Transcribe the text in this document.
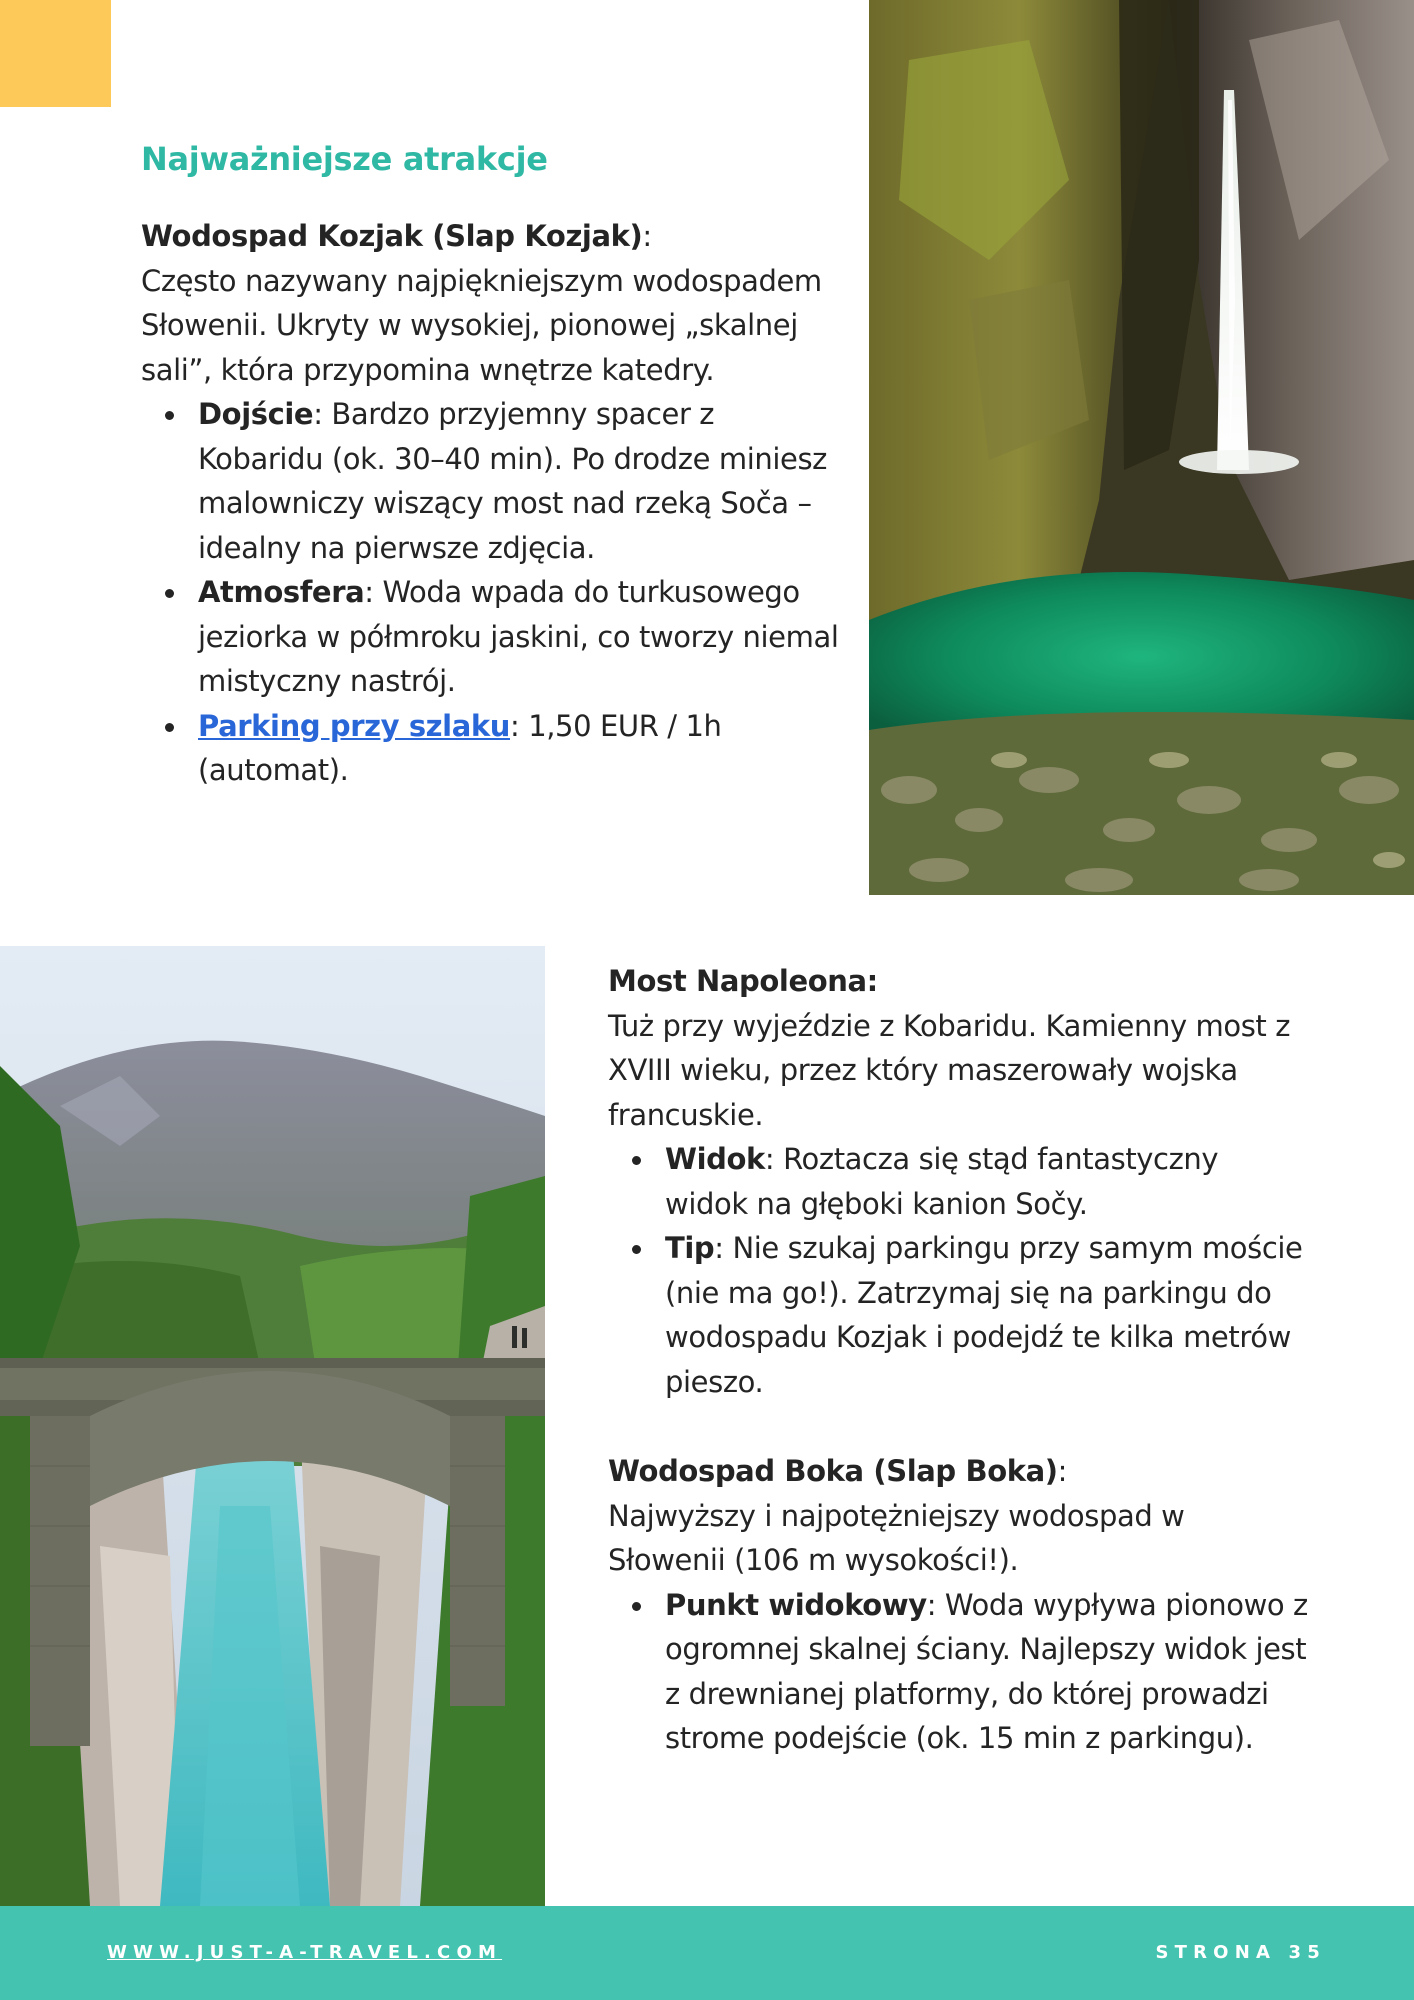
Najważniejsze atrakcje

Wodospad Kozjak (Slap Kozjak):

Często nazywany najpiękniejszym wodospadem Słowenii. Ukryty w wysokiej, pionowej „skalnej sali”, która przypomina wnętrze katedry.

Dojście: Bardzo przyjemny spacer z Kobaridu (ok. 30–40 min). Po drodze miniesz malowniczy wiszący most nad rzeką Soča – idealny na pierwsze zdjęcia.
Atmosfera: Woda wpada do turkusowego jeziorka w półmroku jaskini, co tworzy niemal mistyczny nastrój.
Parking przy szlaku: 1,50 EUR / 1h (automat).

Most Napoleona:

Tuż przy wyjeździe z Kobaridu. Kamienny most z XVIII wieku, przez który maszerowały wojska francuskie.

Widok: Roztacza się stąd fantastyczny widok na głęboki kanion Sočy.
Tip: Nie szukaj parkingu przy samym moście (nie ma go!). Zatrzymaj się na parkingu do wodospadu Kozjak i podejdź te kilka metrów pieszo.

Wodospad Boka (Slap Boka):

Najwyższy i najpotężniejszy wodospad w Słowenii (106 m wysokości!).

Punkt widokowy: Woda wypływa pionowo z ogromnej skalnej ściany. Najlepszy widok jest z drewnianej platformy, do której prowadzi strome podejście (ok. 15 min z parkingu).
WWW.JUST-A-TRAVEL.COM	STRONA 35
